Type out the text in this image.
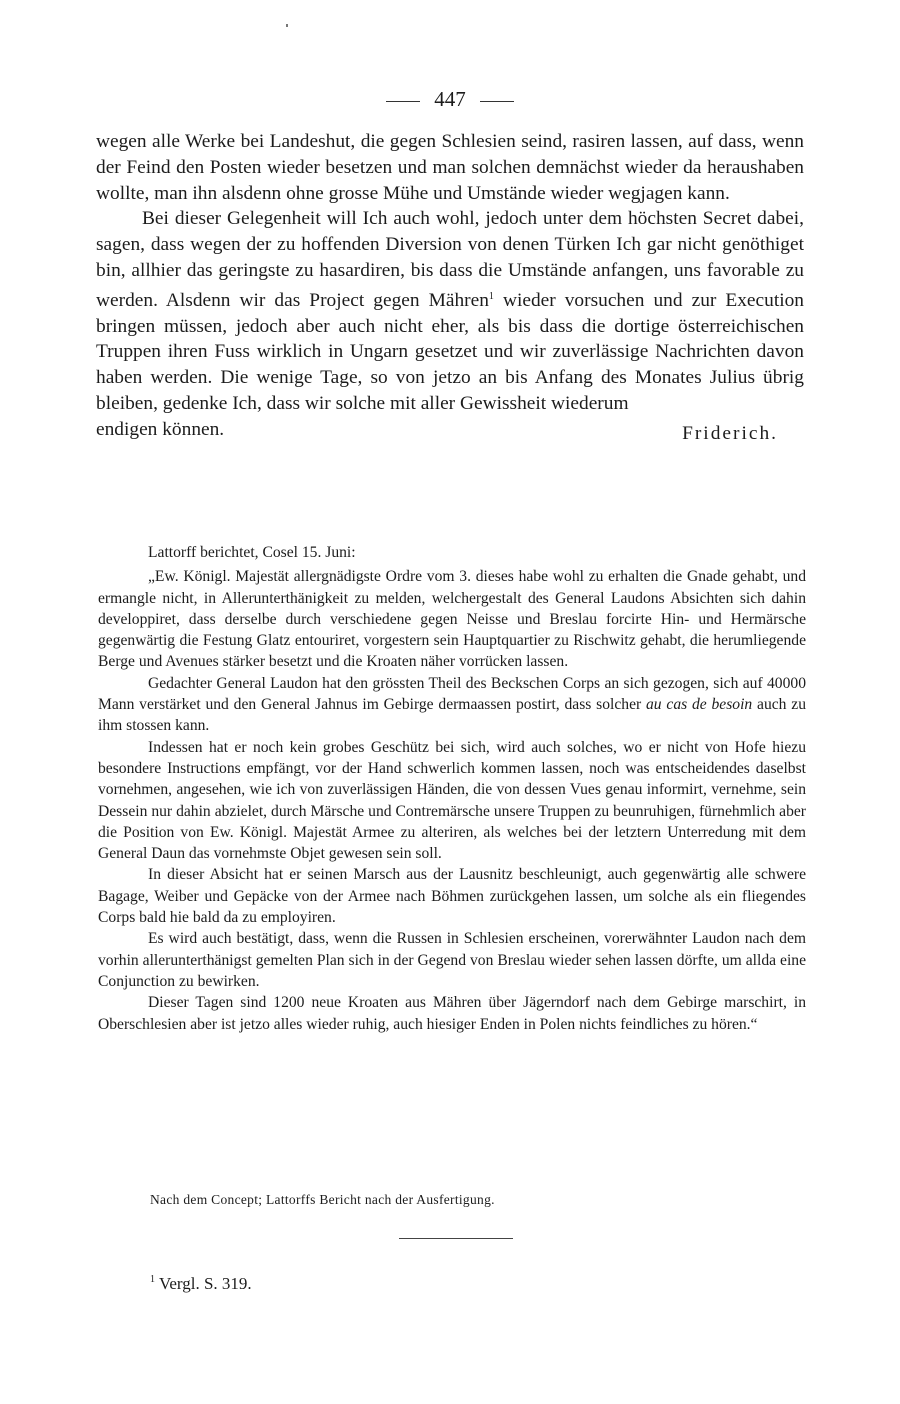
447

wegen alle Werke bei Landeshut, die gegen Schlesien seind, rasiren lassen, auf dass, wenn der Feind den Posten wieder besetzen und man solchen demnächst wieder da heraushaben wollte, man ihn alsdenn ohne grosse Mühe und Umstände wieder wegjagen kann.

Bei dieser Gelegenheit will Ich auch wohl, jedoch unter dem höchsten Secret dabei, sagen, dass wegen der zu hoffenden Diversion von denen Türken Ich gar nicht genöthiget bin, allhier das geringste zu hasardiren, bis dass die Umstände anfangen, uns favorable zu werden. Alsdenn wir das Project gegen Mähren$^1$ wieder vorsuchen und zur Execution bringen müssen, jedoch aber auch nicht eher, als bis dass die dortige österreichischen Truppen ihren Fuss wirklich in Ungarn gesetzet und wir zuverlässige Nachrichten davon haben werden. Die wenige Tage, so von jetzo an bis Anfang des Monates Julius übrig bleiben, gedenke Ich, dass wir solche mit aller Gewissheit wiederum

endigen können.	Friderich.

Lattorff berichtet, Cosel 15. Juni:

„Ew. Königl. Majestät allergnädigste Ordre vom 3. dieses habe wohl zu erhalten die Gnade gehabt, und ermangle nicht, in Allerunterthänigkeit zu melden, welchergestalt des General Laudons Absichten sich dahin developpiret, dass derselbe durch verschiedene gegen Neisse und Breslau forcirte Hin- und Hermärsche gegenwärtig die Festung Glatz entouriret, vorgestern sein Hauptquartier zu Rischwitz gehabt, die herumliegende Berge und Avenues stärker besetzt und die Kroaten näher vorrücken lassen.

Gedachter General Laudon hat den grössten Theil des Beckschen Corps an sich gezogen, sich auf 40000 Mann verstärket und den General Jahnus im Gebirge dermaassen postirt, dass solcher au cas de besoin auch zu ihm stossen kann.

Indessen hat er noch kein grobes Geschütz bei sich, wird auch solches, wo er nicht von Hofe hiezu besondere Instructions empfängt, vor der Hand schwerlich kommen lassen, noch was entscheidendes daselbst vornehmen, angesehen, wie ich von zuverlässigen Händen, die von dessen Vues genau informirt, vernehme, sein Dessein nur dahin abzielet, durch Märsche und Contremärsche unsere Truppen zu beunruhigen, fürnehmlich aber die Position von Ew. Königl. Majestät Armee zu alteriren, als welches bei der letztern Unterredung mit dem General Daun das vornehmste Objet gewesen sein soll.

In dieser Absicht hat er seinen Marsch aus der Lausnitz beschleunigt, auch gegenwärtig alle schwere Bagage, Weiber und Gepäcke von der Armee nach Böhmen zurückgehen lassen, um solche als ein fliegendes Corps bald hie bald da zu employiren.

Es wird auch bestätigt, dass, wenn die Russen in Schlesien erscheinen, vorerwähnter Laudon nach dem vorhin allerunterthänigst gemelten Plan sich in der Gegend von Breslau wieder sehen lassen dörfte, um allda eine Conjunction zu bewirken.

Dieser Tagen sind 1200 neue Kroaten aus Mähren über Jägerndorf nach dem Gebirge marschirt, in Oberschlesien aber ist jetzo alles wieder ruhig, auch hiesiger Enden in Polen nichts feindliches zu hören.“

Nach dem Concept; Lattorffs Bericht nach der Ausfertigung.
$^1$ Vergl. S. 319.
